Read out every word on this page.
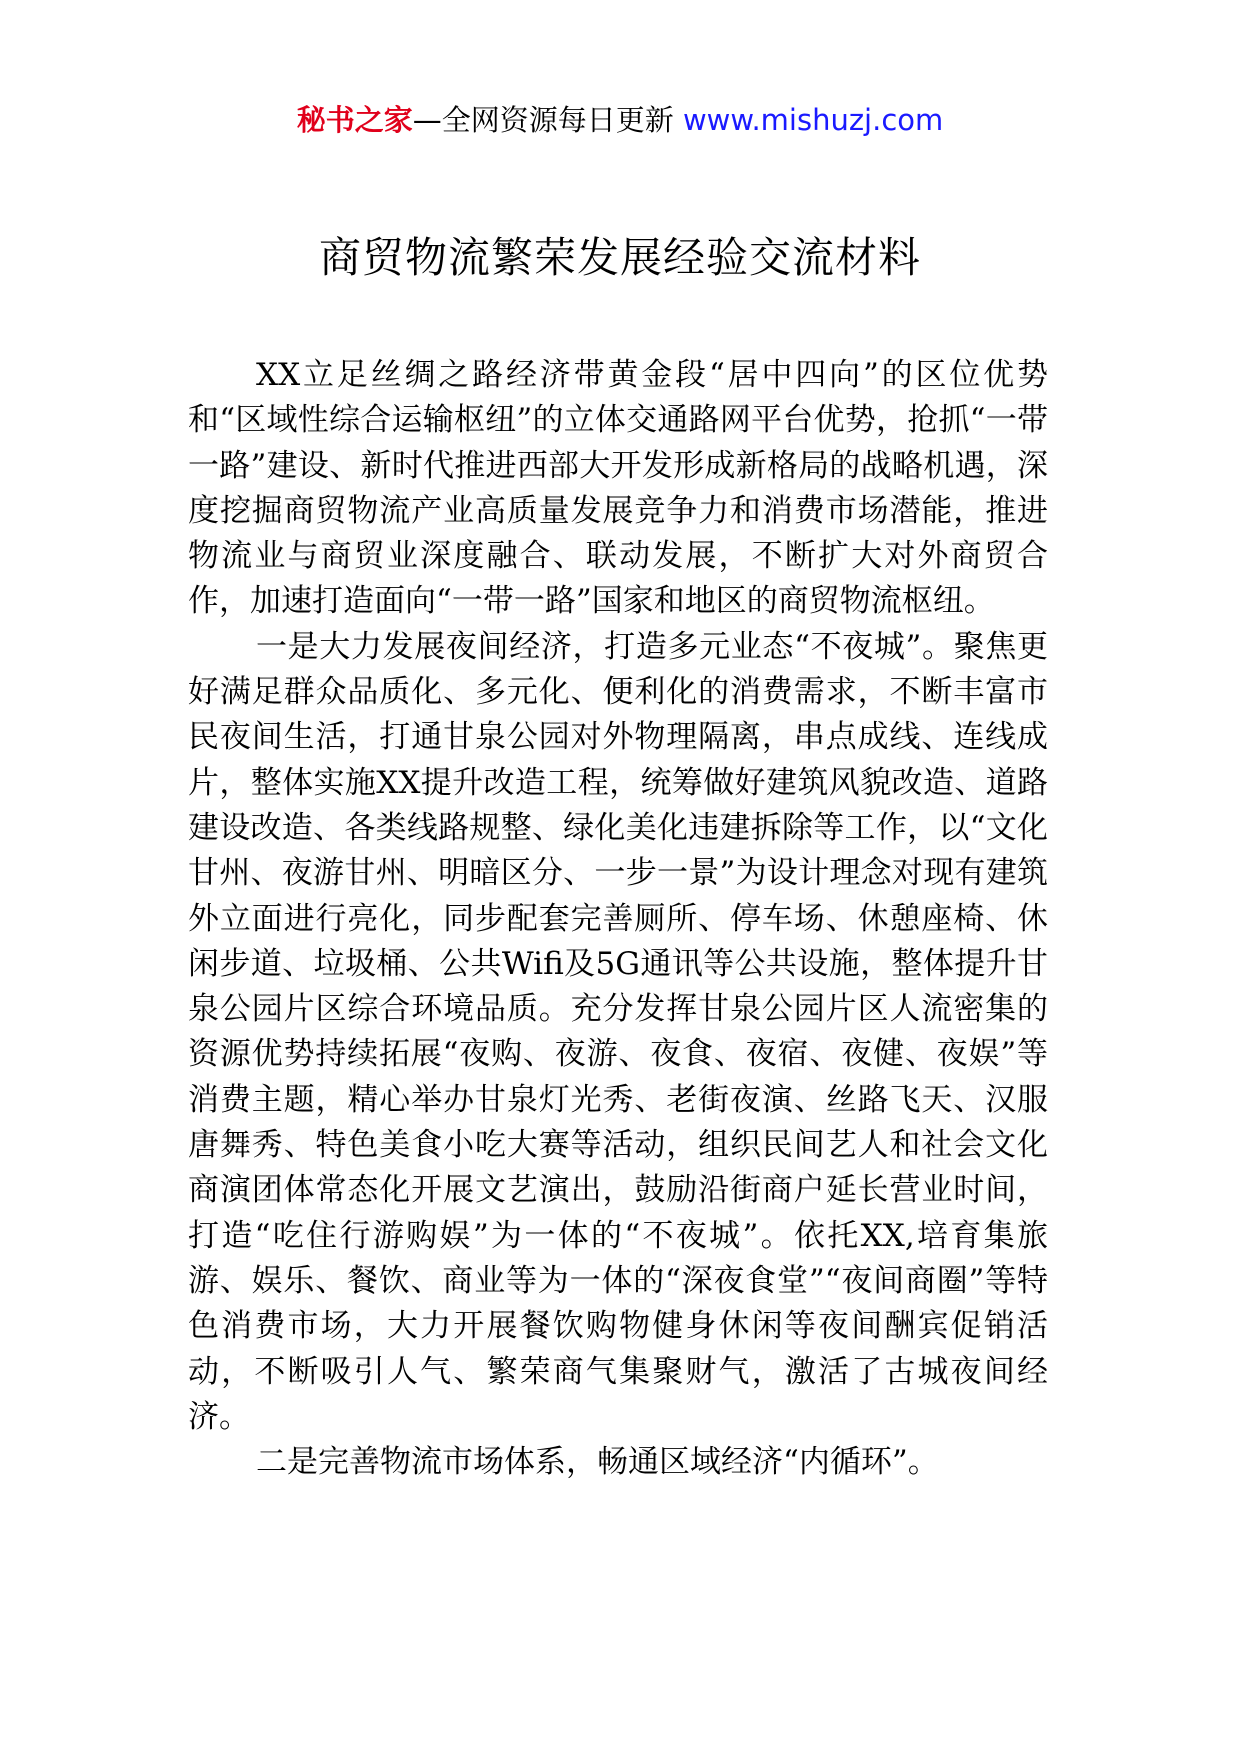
秘书之家—全网资源每日更新 www.mishuzj.com
商贸物流繁荣发展经验交流材料

XX立足丝绸之路经济带黄金段“居中四向”的区位优势和“区域性综合运输枢纽”的立体交通路网平台优势，抢抓“一带一路”建设、新时代推进西部大开发形成新格局的战略机遇，深度挖掘商贸物流产业高质量发展竞争力和消费市场潜能，推进物流业与商贸业深度融合、联动发展，不断扩大对外商贸合作，加速打造面向“一带一路”国家和地区的商贸物流枢纽。

一是大力发展夜间经济，打造多元业态“不夜城”。聚焦更好满足群众品质化、多元化、便利化的消费需求，不断丰富市民夜间生活，打通甘泉公园对外物理隔离，串点成线、连线成片，整体实施XX提升改造工程，统筹做好建筑风貌改造、道路建设改造、各类线路规整、绿化美化违建拆除等工作，以“文化甘州、夜游甘州、明暗区分、一步一景”为设计理念对现有建筑外立面进行亮化，同步配套完善厕所、停车场、休憩座椅、休闲步道、垃圾桶、公共Wifi及5G通讯等公共设施，整体提升甘泉公园片区综合环境品质。充分发挥甘泉公园片区人流密集的资源优势持续拓展“夜购、夜游、夜食、夜宿、夜健、夜娱”等消费主题，精心举办甘泉灯光秀、老街夜演、丝路飞天、汉服唐舞秀、特色美食小吃大赛等活动，组织民间艺人和社会文化商演团体常态化开展文艺演出，鼓励沿街商户延长营业时间，打造“吃住行游购娱”为一体的“不夜城”。依托XX,培育集旅游、娱乐、餐饮、商业等为一体的“深夜食堂”“夜间商圈”等特色消费市场，大力开展餐饮购物健身休闲等夜间酬宾促销活动，不断吸引人气、繁荣商气集聚财气，激活了古城夜间经济。

二是完善物流市场体系，畅通区域经济“内循环”。
